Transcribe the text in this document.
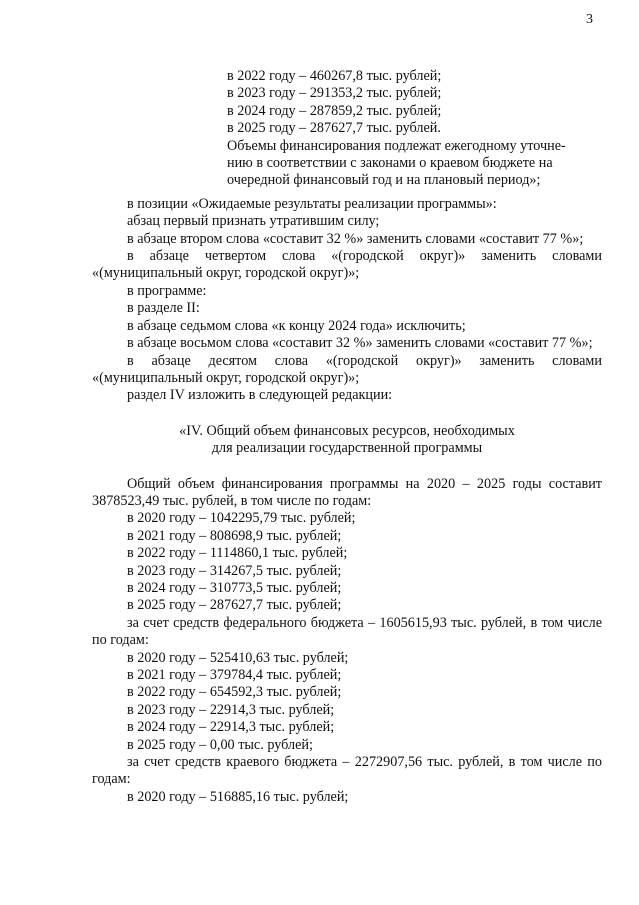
3
в 2022 году – 460267,8 тыс. рублей;
в 2023 году – 291353,2 тыс. рублей;
в 2024 году – 287859,2 тыс. рублей;
в 2025 году – 287627,7 тыс. рублей.
Объемы финансирования подлежат ежегодному уточне-
нию в соответствии с законами о краевом бюджете на
очередной финансовый год и на плановый период»;
в позиции «Ожидаемые результаты реализации программы»:
абзац первый признать утратившим силу;
в абзаце втором слова «составит 32 %» заменить словами «составит 77 %»;
в абзаце четвертом слова «(городской округ)» заменить словами «(муниципальный округ, городской округ)»;
в программе:
в разделе II:
в абзаце седьмом слова «к концу 2024 года» исключить;
в абзаце восьмом слова «составит 32 %» заменить словами «составит 77 %»;
в абзаце десятом слова «(городской округ)» заменить словами «(муниципальный округ, городской округ)»;
раздел IV изложить в следующей редакции:
«IV. Общий объем финансовых ресурсов, необходимых
для реализации государственной программы
Общий объем финансирования программы на 2020 – 2025 годы составит 3878523,49 тыс. рублей, в том числе по годам:
в 2020 году – 1042295,79 тыс. рублей;
в 2021 году – 808698,9 тыс. рублей;
в 2022 году – 1114860,1 тыс. рублей;
в 2023 году – 314267,5 тыс. рублей;
в 2024 году – 310773,5 тыс. рублей;
в 2025 году – 287627,7 тыс. рублей;
за счет средств федерального бюджета – 1605615,93 тыс. рублей, в том числе по годам:
в 2020 году – 525410,63 тыс. рублей;
в 2021 году – 379784,4 тыс. рублей;
в 2022 году – 654592,3 тыс. рублей;
в 2023 году – 22914,3 тыс. рублей;
в 2024 году – 22914,3 тыс. рублей;
в 2025 году – 0,00 тыс. рублей;
за счет средств краевого бюджета – 2272907,56 тыс. рублей, в том числе по годам:
в 2020 году – 516885,16 тыс. рублей;
